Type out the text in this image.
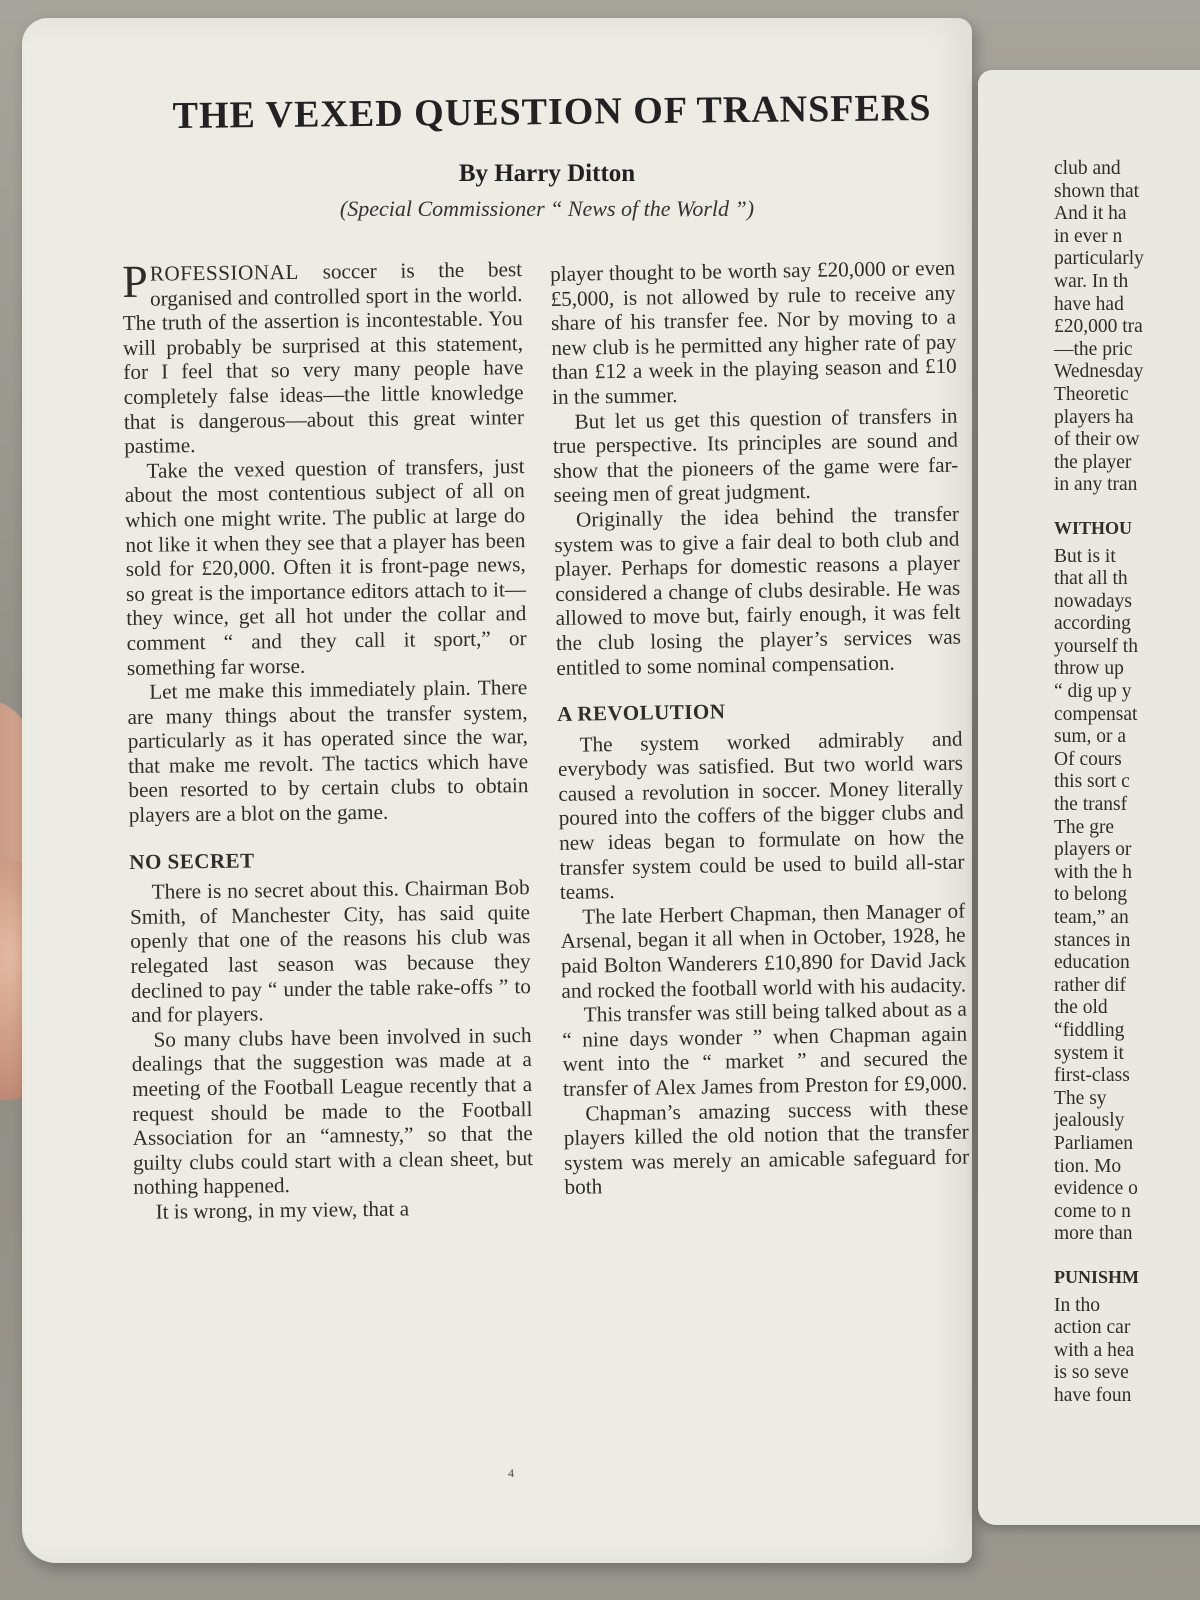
THE VEXED QUESTION OF TRANSFERS
By Harry Ditton
(Special Commissioner “ News of the World ”)

PROFESSIONAL soccer is the best organised and controlled sport in the world. The truth of the assertion is incontestable. You will probably be surprised at this statement, for I feel that so very many people have completely false ideas—the little knowledge that is dangerous—about this great winter pastime.

Take the vexed question of transfers, just about the most contentious subject of all on which one might write. The public at large do not like it when they see that a player has been sold for £20,000. Often it is front-page news, so great is the importance editors attach to it—they wince, get all hot under the collar and comment “ and they call it sport,” or something far worse.

Let me make this immediately plain. There are many things about the transfer system, particularly as it has operated since the war, that make me revolt. The tactics which have been resorted to by certain clubs to obtain players are a blot on the game.

NO SECRET

There is no secret about this. Chairman Bob Smith, of Manchester City, has said quite openly that one of the reasons his club was relegated last season was because they declined to pay “ under the table rake-offs ” to and for players.

So many clubs have been involved in such dealings that the suggestion was made at a meeting of the Football League recently that a request should be made to the Football Association for an “amnesty,” so that the guilty clubs could start with a clean sheet, but nothing happened.

It is wrong, in my view, that a

player thought to be worth say £20,000 or even £5,000, is not allowed by rule to receive any share of his transfer fee. Nor by moving to a new club is he permitted any higher rate of pay than £12 a week in the playing season and £10 in the summer.

But let us get this question of transfers in true perspective. Its principles are sound and show that the pioneers of the game were far-seeing men of great judgment.

Originally the idea behind the transfer system was to give a fair deal to both club and player. Perhaps for domestic reasons a player considered a change of clubs desirable. He was allowed to move but, fairly enough, it was felt the club losing the player’s services was entitled to some nominal compensation.

A REVOLUTION

The system worked admirably and everybody was satisfied. But two world wars caused a revolution in soccer. Money literally poured into the coffers of the bigger clubs and new ideas began to formulate on how the transfer system could be used to build all-star teams.

The late Herbert Chapman, then Manager of Arsenal, began it all when in October, 1928, he paid Bolton Wanderers £10,890 for David Jack and rocked the football world with his audacity.

This transfer was still being talked about as a “ nine days wonder ” when Chapman again went into the “ market ” and secured the transfer of Alex James from Preston for £9,000.

Chapman’s amazing success with these players killed the old notion that the transfer system was merely an amicable safeguard for both

4
club and
shown that
And it ha
in ever n
particularly
war. In th
have had
£20,000 tra
—the pric
Wednesday
Theoretic
players ha
of their ow
the player
in any tran
WITHOU
But is it
that all th
nowadays
according
yourself th
throw up
“ dig up y
compensat
sum, or a
Of cours
this sort c
the transf
The gre
players or
with the h
to belong
team,” an
stances in
education
rather dif
the old
“fiddling
system it
first-class
The sy
jealously
Parliamen
tion. Mo
evidence o
come to n
more than
PUNISHM
In tho
action car
with a hea
is so seve
have foun
